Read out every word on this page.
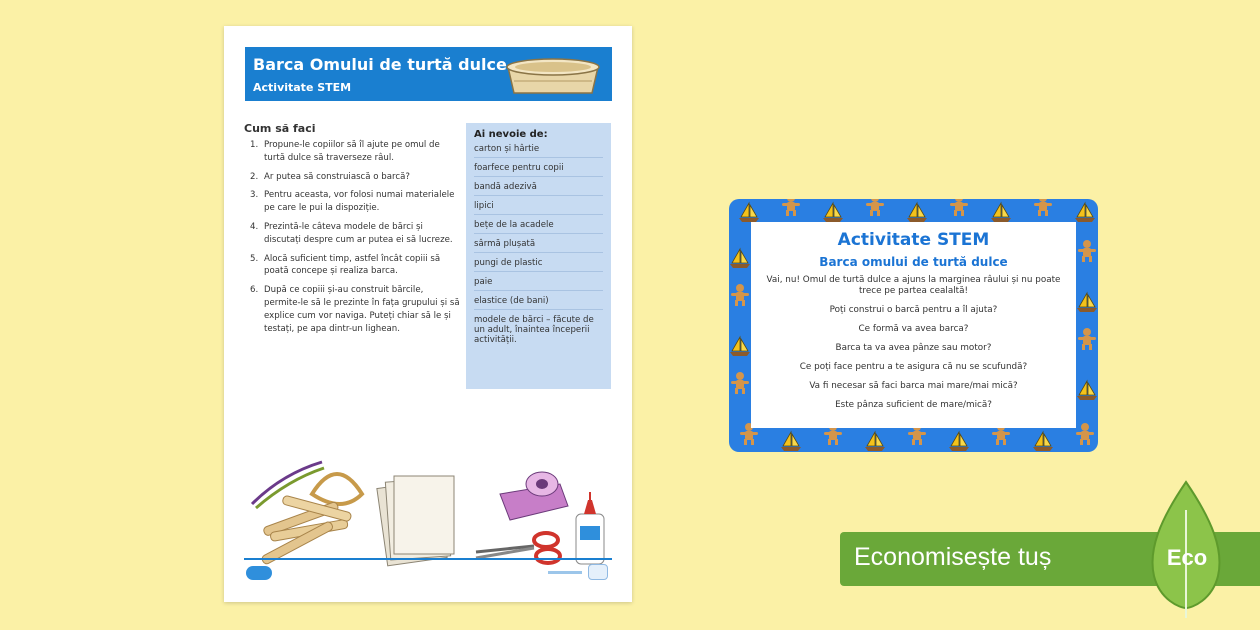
Barca Omului de turtă dulce
Activitate STEM
Cum să faci
1. Propune-le copiilor să îl ajute pe omul de turtă dulce să traverseze râul.
2. Ar putea să construiască o barcă?
3. Pentru aceasta, vor folosi numai materialele pe care le pui la dispoziție.
4. Prezintă-le câteva modele de bărci și discutați despre cum ar putea ei să lucreze.
5. Alocă suficient timp, astfel încât copiii să poată concepe și realiza barca.
6. După ce copiii și-au construit bărcile, permite-le să le prezinte în fața grupului și să explice cum vor naviga. Puteți chiar să le și testați, pe apa dintr-un lighean.
Ai nevoie de:
carton și hârtie
foarfece pentru copii
bandă adezivă
lipici
bețe de la acadele
sârmă plușată
pungi de plastic
paie
elastice (de bani)
modele de bărci – făcute de un adult, înaintea începerii activității.
Activitate STEM
Barca omului de turtă dulce

Vai, nu! Omul de turtă dulce a ajuns la marginea râului și nu poate trece pe partea cealaltă!

Poți construi o barcă pentru a îl ajuta?

Ce formă va avea barca?

Barca ta va avea pânze sau motor?

Ce poți face pentru a te asigura că nu se scufundă?

Va fi necesar să faci barca mai mare/mai mică?

Este pânza suficient de mare/mică?

Economisește tuș	Eco
